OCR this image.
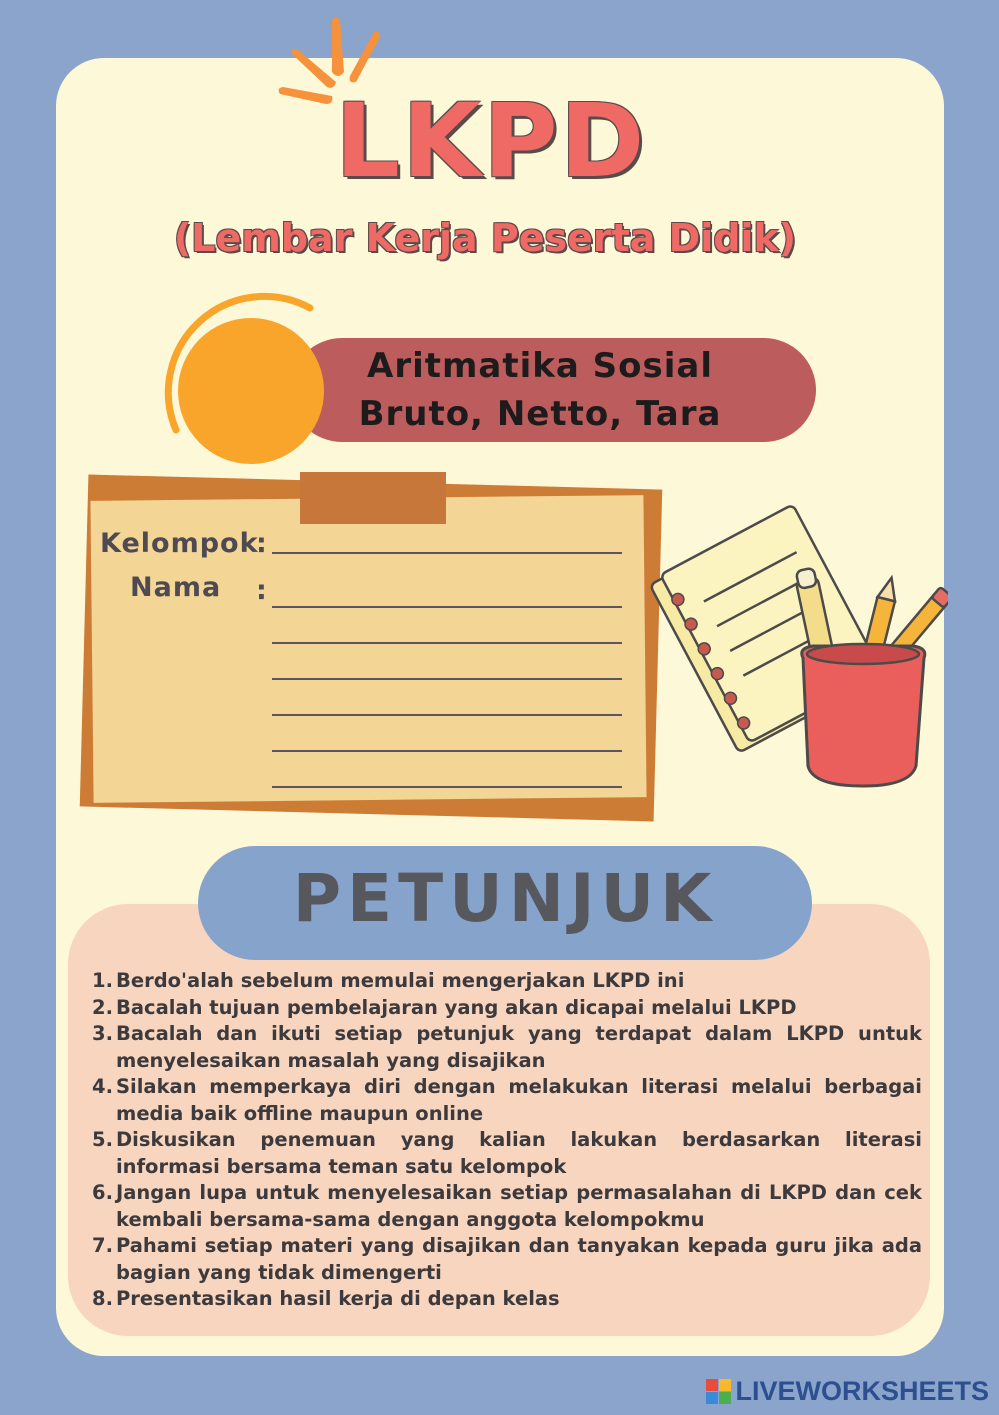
LKPD
(Lembar Kerja Peserta Didik)
Aritmatika Sosial
Bruto, Netto, Tara
Kelompok
:
Nama :
PETUNJUK
1. Berdo'alah sebelum memulai mengerjakan LKPD ini
2. Bacalah tujuan pembelajaran yang akan dicapai melalui LKPD
3. Bacalah dan ikuti setiap petunjuk yang terdapat dalam LKPD untuk menyelesaikan masalah yang disajikan
4. Silakan memperkaya diri dengan melakukan literasi melalui berbagai media baik offline maupun online
5. Diskusikan penemuan yang kalian lakukan berdasarkan literasi informasi bersama teman satu kelompok
6. Jangan lupa untuk menyelesaikan setiap permasalahan di LKPD dan cek kembali bersama-sama dengan anggota kelompokmu
7. Pahami setiap materi yang disajikan dan tanyakan kepada guru jika ada bagian yang tidak dimengerti
8. Presentasikan hasil kerja di depan kelas
LIVEWORKSHEETS
